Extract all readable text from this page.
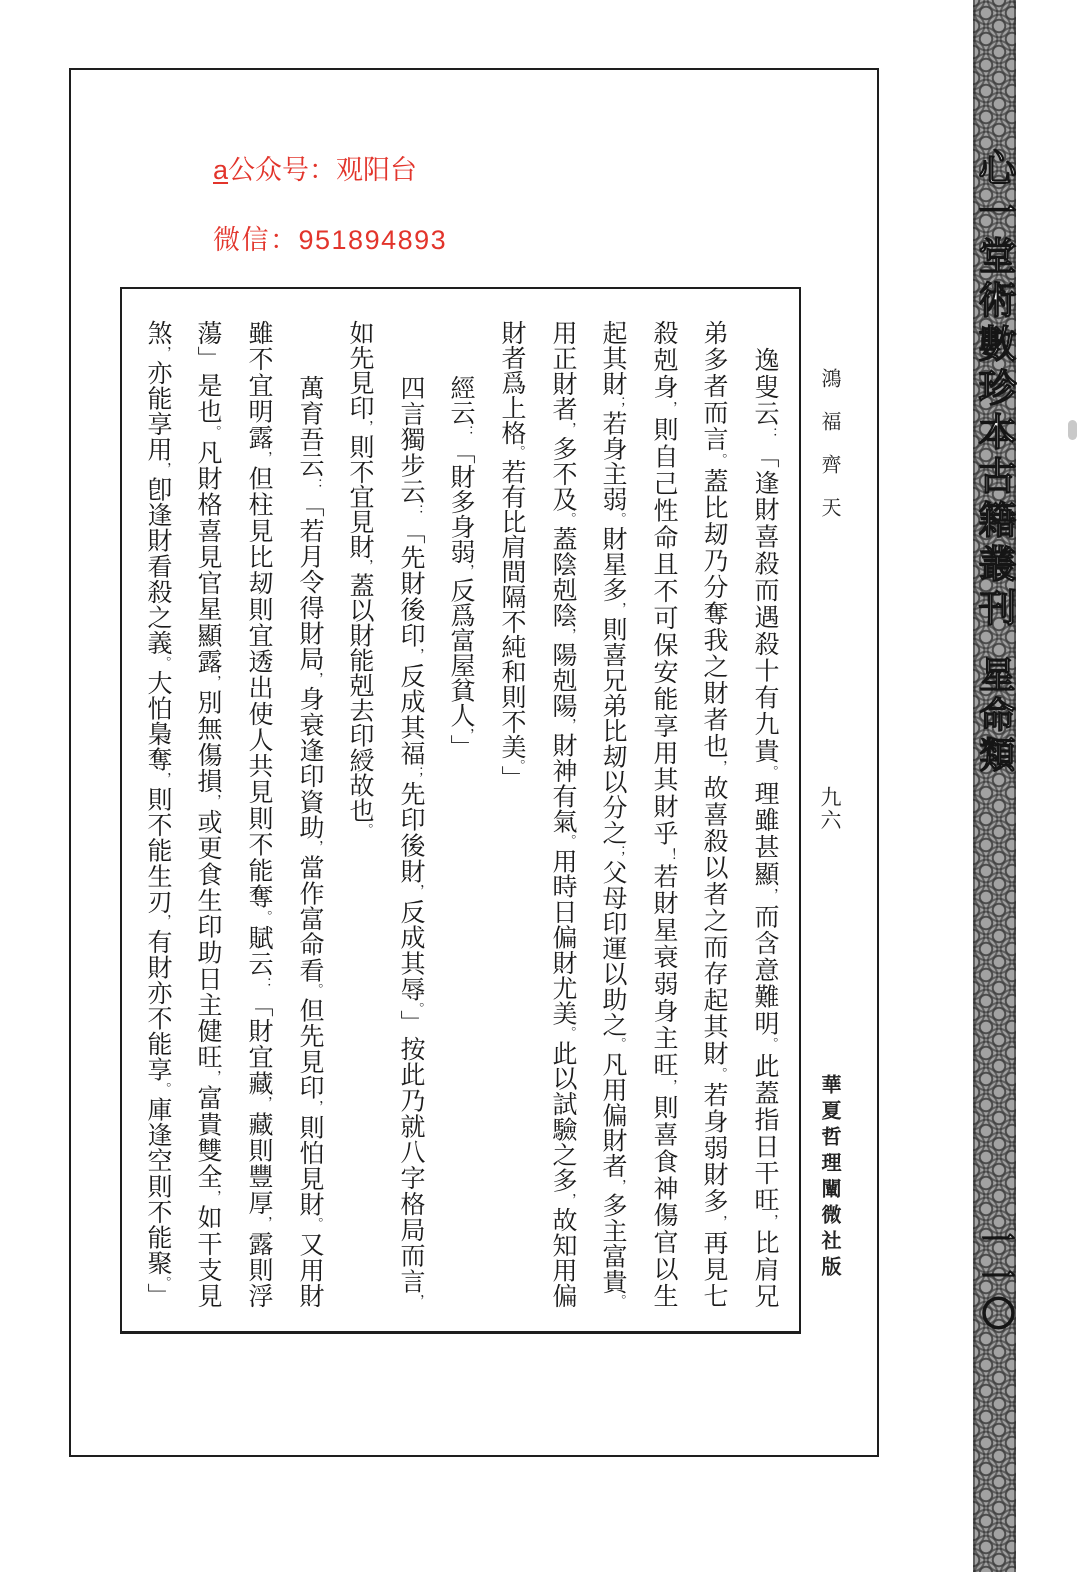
a公众号：观阳台
微信：951894893
逸叟云：「逢財喜殺而遇殺十有九貴。理雖甚顯，而含意難明。此蓋指日干旺，比肩兄
弟多者而言。蓋比刼乃分奪我之財者也，故喜殺以者之而存起其財。若身弱財多，再見七
殺剋身，則自己性命且不可保安能享用其財乎！若財星衰弱身主旺，則喜食神傷官以生
起其財；若身主弱。財星多，則喜兄弟比刼以分之；父母印運以助之。凡用偏財者，多主富貴。
用正財者，多不及。蓋陰剋陰，陽剋陽，財神有氣。用時日偏財尤美。此以試驗之多，故知用偏
財者爲上格。若有比肩間隔不純和則不美。」
經云：「財多身弱，反爲富屋貧人，」
四言獨步云：「先財後印，反成其福；先印後財，反成其辱。」按此乃就八字格局而言，
如先見印，則不宜見財，蓋以財能剋去印綬故也。
萬育吾云：「若月令得財局，身衰逢印資助，當作富命看。但先見印，則怕見財。又用財
雖不宜明露，但柱見比刼則宜透出使人共見則不能奪。賦云：「財宜藏，藏則豐厚，露則浮
蕩」是也。凡財格喜見官星顯露，別無傷損，或更食生印助日主健旺，富貴雙全，如干支見
煞，亦能享用，卽逢財看殺之義。大怕梟奪，則不能生刃，有財亦不能享。庫逢空則不能聚。」
鴻福齊天
九六
華夏哲理闡微社版
心一堂術數珍本古籍叢刊
星命類
一一〇
